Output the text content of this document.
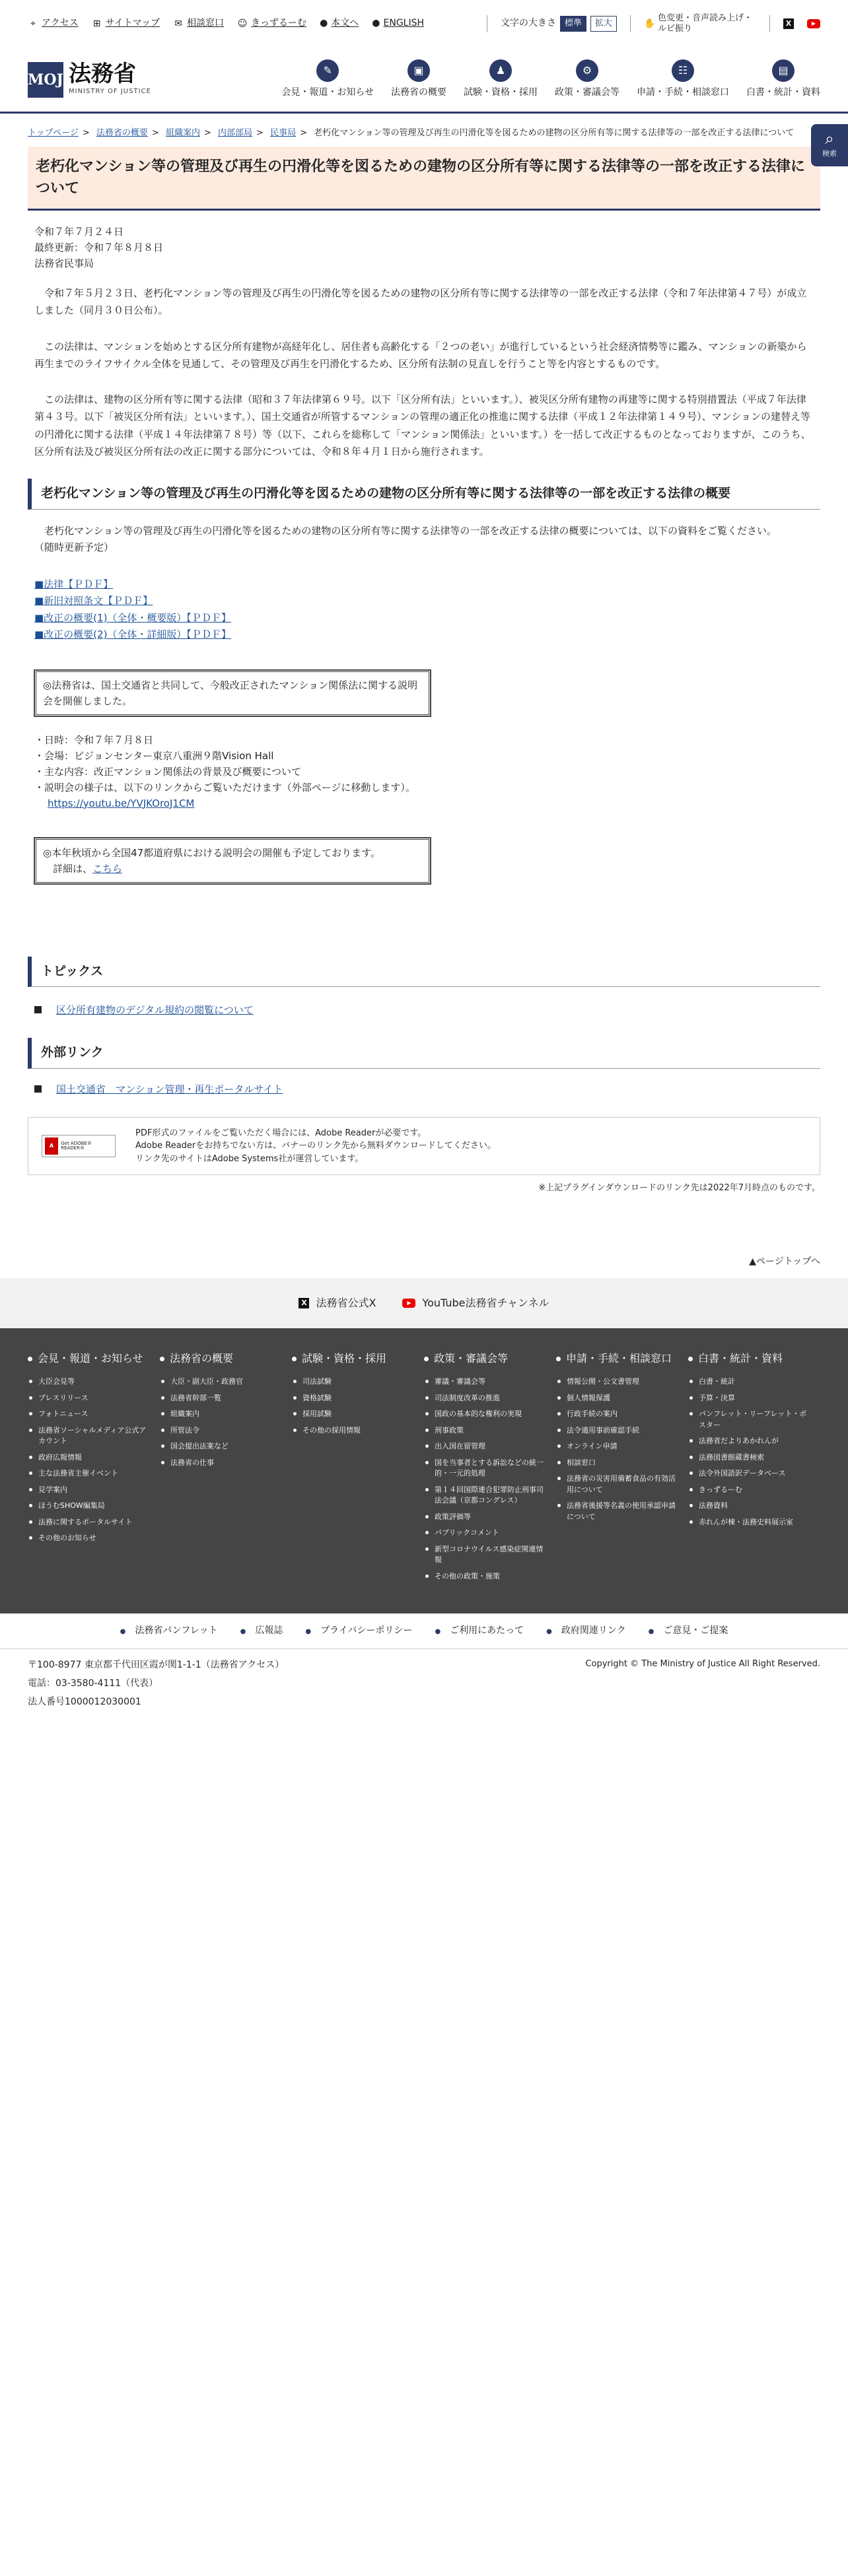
⌖ アクセス ⊞ サイトマップ ✉ 相談窓口 ☺ きっずるーむ ● 本文へ ● ENGLISH	文字の大きさ	標準	拡大	✋
色変更・音声読み上げ・ルビ振り
X	▶
MOJ 法務省
MINISTRY OF JUSTICE
✎
会見・報道・お知らせ
▣
法務省の概要
♟
試験・資格・採用
⚙
政策・審議会等
☷
申請・手続・相談窓口
▤
白書・統計・資料
⌕
検索
トップページ > 法務省の概要 > 組織案内 > 内部部局 > 民事局 > 老朽化マンション等の管理及び再生の円滑化等を図るための建物の区分所有等に関する法律等の一部を改正する法律について
老朽化マンション等の管理及び再生の円滑化等を図るための建物の区分所有等に関する法律等の一部を改正する法律について
令和７年７月２４日
最終更新：令和７年８月８日
法務省民事局

令和７年５月２３日、老朽化マンション等の管理及び再生の円滑化等を図るための建物の区分所有等に関する法律等の一部を改正する法律（令和７年法律第４７号）が成立しました（同月３０日公布）。

この法律は、マンションを始めとする区分所有建物が高経年化し、居住者も高齢化する「２つの老い」が進行しているという社会経済情勢等に鑑み、マンションの新築から再生までのライフサイクル全体を見通して、その管理及び再生を円滑化するため、区分所有法制の見直しを行うこと等を内容とするものです。

この法律は、建物の区分所有等に関する法律（昭和３７年法律第６９号。以下「区分所有法」といいます。）、被災区分所有建物の再建等に関する特別措置法（平成７年法律第４３号。以下「被災区分所有法」といいます。）、国土交通省が所管するマンションの管理の適正化の推進に関する法律（平成１２年法律第１４９号）、マンションの建替え等の円滑化に関する法律（平成１４年法律第７８号）等（以下、これらを総称して「マンション関係法」といいます。）を一括して改正するものとなっておりますが、このうち、区分所有法及び被災区分所有法の改正に関する部分については、令和８年４月１日から施行されます。

老朽化マンション等の管理及び再生の円滑化等を図るための建物の区分所有等に関する法律等の一部を改正する法律の概要

老朽化マンション等の管理及び再生の円滑化等を図るための建物の区分所有等に関する法律等の一部を改正する法律の概要については、以下の資料をご覧ください。

（随時更新予定）

■法律【ＰＤＦ】
■新旧対照条文【ＰＤＦ】
■改正の概要(1)（全体・概要版）【ＰＤＦ】
■改正の概要(2)（全体・詳細版）【ＰＤＦ】
◎法務省は、国土交通省と共同して、今般改正されたマンション関係法に関する説明会を開催しました。
・日時：令和７年７月８日
・会場：ビジョンセンター東京八重洲９階Vision Hall
・主な内容：改正マンション関係法の背景及び概要について
・説明会の様子は、以下のリンクからご覧いただけます（外部ページに移動します）。
https://youtu.be/YVJKOroJ1CM
◎本年秋頃から全国47都道府県における説明会の開催も予定しております。
　詳細は、こちら
トピックス
区分所有建物のデジタル規約の閲覧について
外部リンク
国土交通省　マンション管理・再生ポータルサイト
A	Get ADOBE® READER®
PDF形式のファイルをご覧いただく場合には、Adobe Readerが必要です。
Adobe Readerをお持ちでない方は、バナーのリンク先から無料ダウンロードしてください。
リンク先のサイトはAdobe Systems社が運営しています。
※上記プラグインダウンロードのリンク先は2022年7月時点のものです。
▲ページトップへ
X 法務省公式X	▶	YouTube法務省チャンネル
会見・報道・お知らせ
大臣会見等
プレスリリース
フォトニュース
法務省ソーシャルメディア公式アカウント
政府広報情報
主な法務省主催イベント
見学案内
ほうむSHOW編集局
法務に関するポータルサイト
その他のお知らせ
法務省の概要
大臣・副大臣・政務官
法務省幹部一覧
組織案内
所管法令
国会提出法案など
法務省の仕事
試験・資格・採用
司法試験
資格試験
採用試験
その他の採用情報
政策・審議会等
審議・審議会等
司法制度改革の推進
国政の基本的な権利の実現
刑事政策
出入国在留管理
国を当事者とする訴訟などの統一的・一元的処理
第１４回国際連合犯罪防止刑事司法会議（京都コングレス）
政策評価等
パブリックコメント
新型コロナウイルス感染症関連情報
その他の政策・施策
申請・手続・相談窓口
情報公開・公文書管理
個人情報保護
行政手続の案内
法令適用事前確認手続
オンライン申請
相談窓口
法務省の災害用備蓄食品の有効活用について
法務省後援等名義の使用承認申請について
白書・統計・資料
白書・統計
予算・決算
パンフレット・リーフレット・ポスター
法務省だよりあかれんが
法務図書館蔵書検索
法令外国語訳データベース
きっずるーむ
法務資料
赤れんが棟・法務史料展示室
● 法務省パンフレット	● 広報誌	● プライバシーポリシー	● ご利用にあたって	● 政府関連リンク	● ご意見・ご提案
〒100-8977 東京都千代田区霞が関1-1-1（法務省アクセス）
電話：03-3580-4111（代表）
法人番号1000012030001
Copyright © The Ministry of Justice All Right Reserved.
